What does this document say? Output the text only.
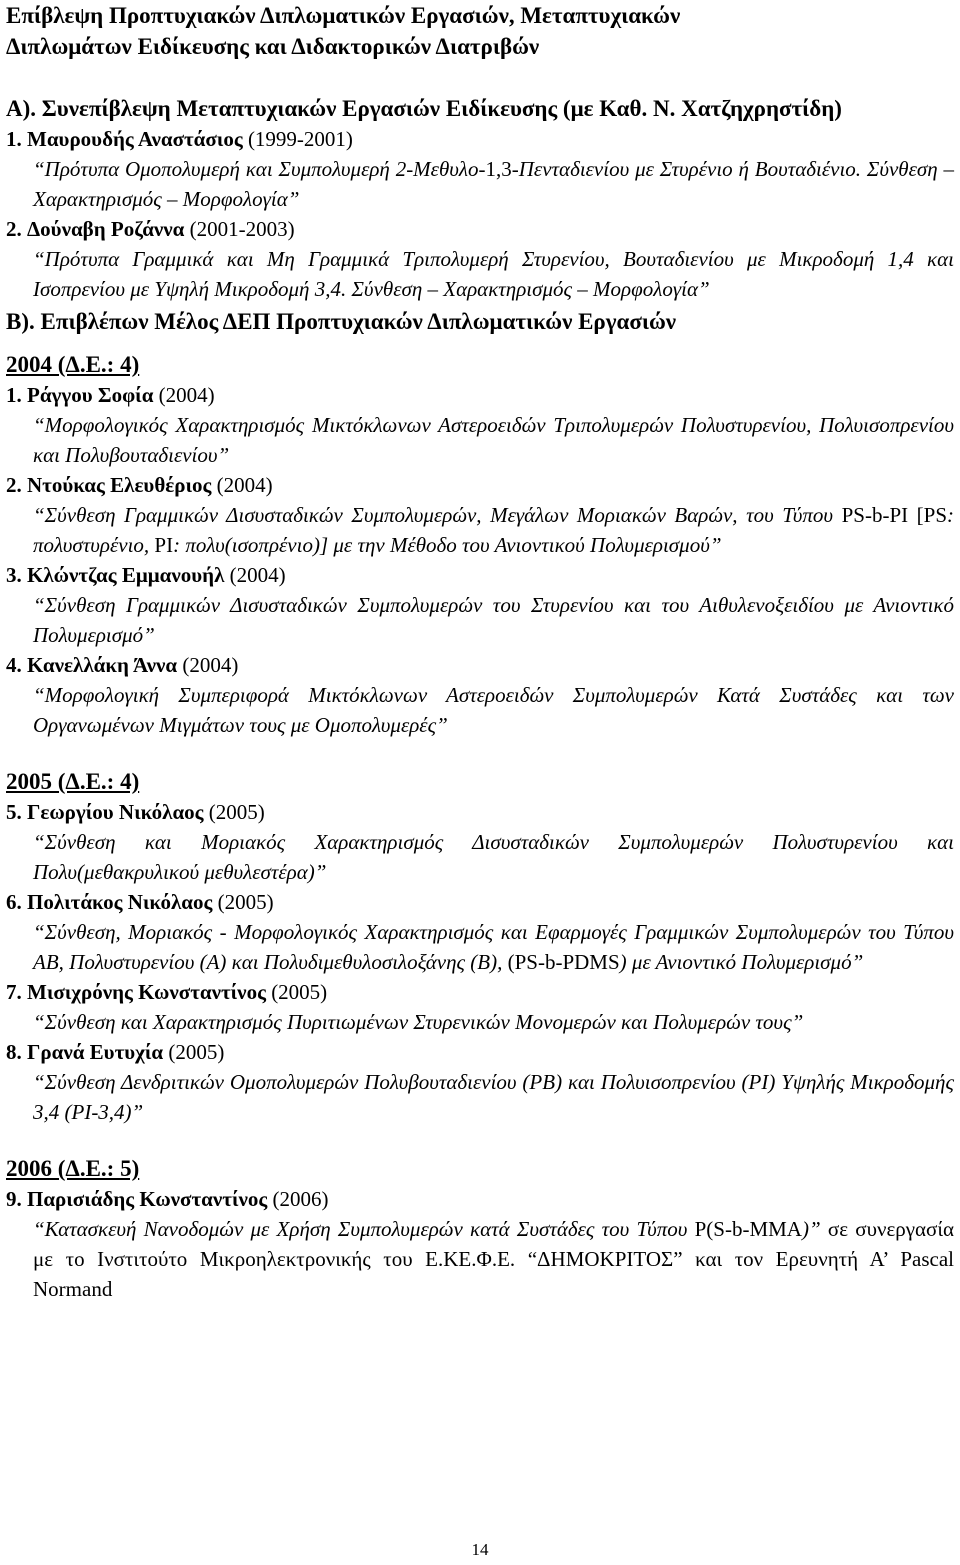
Επίβλεψη Προπτυχιακών Διπλωματικών Εργασιών, Μεταπτυχιακών
Διπλωμάτων Ειδίκευσης και Διδακτορικών Διατριβών
Α). Συνεπίβλεψη Μεταπτυχιακών Εργασιών Ειδίκευσης (με Καθ. Ν. Χατζηχρηστίδη)
1. Μαυρουδής Αναστάσιος (1999-2001)
“Πρότυπα Ομοπολυμερή και Συμπολυμερή 2-Μεθυλο-1,3-Πενταδιενίου με Στυρένιο ή Βουταδιένιο. Σύνθεση – Χαρακτηρισμός – Μορφολογία”
2. Δούναβη Ροζάννα (2001-2003)
“Πρότυπα Γραμμικά και Μη Γραμμικά Τριπολυμερή Στυρενίου, Βουταδιενίου με Μικροδομή 1,4 και Ισοπρενίου με Υψηλή Μικροδομή 3,4. Σύνθεση – Χαρακτηρισμός – Μορφολογία”
Β). Επιβλέπων Μέλος ΔΕΠ Προπτυχιακών Διπλωματικών Εργασιών
2004 (Δ.Ε.: 4)
1. Ράγγου Σοφία (2004)
“Μορφολογικός Χαρακτηρισμός Μικτόκλωνων Αστεροειδών Τριπολυμερών Πολυστυρενίου, Πολυισοπρενίου και Πολυβουταδιενίου”
2. Ντούκας Ελευθέριος (2004)
“Σύνθεση Γραμμικών Δισυσταδικών Συμπολυμερών, Μεγάλων Μοριακών Βαρών, του Τύπου PS-b-PI [PS: πολυστυρένιο, PI: πολυ(ισοπρένιο)] με την Μέθοδο του Ανιοντικού Πολυμερισμού”
3. Κλώντζας Εμμανουήλ (2004)
“Σύνθεση Γραμμικών Δισυσταδικών Συμπολυμερών του Στυρενίου και του Αιθυλενοξειδίου με Ανιοντικό Πολυμερισμό”
4. Κανελλάκη Άννα (2004)
“Μορφολογική Συμπεριφορά Μικτόκλωνων Αστεροειδών Συμπολυμερών Κατά Συστάδες και των Οργανωμένων Μιγμάτων τους με Ομοπολυμερές”
2005 (Δ.Ε.: 4)
5. Γεωργίου Νικόλαος (2005)
“Σύνθεση και Μοριακός Χαρακτηρισμός Δισυσταδικών Συμπολυμερών Πολυστυρενίου και Πολυ(μεθακρυλικού μεθυλεστέρα)”
6. Πολιτάκος Νικόλαος (2005)
“Σύνθεση, Μοριακός - Μορφολογικός Χαρακτηρισμός και Εφαρμογές Γραμμικών Συμπολυμερών του Τύπου ΑΒ, Πολυστυρενίου (Α) και Πολυδιμεθυλοσιλοξάνης (Β), (PS-b-PDMS) με Ανιοντικό Πολυμερισμό”
7. Μισιχρόνης Κωνσταντίνος (2005)
“Σύνθεση και Χαρακτηρισμός Πυριτιωμένων Στυρενικών Μονομερών και Πολυμερών τους”
8. Γρανά Ευτυχία (2005)
“Σύνθεση Δενδριτικών Ομοπολυμερών Πολυβουταδιενίου (PB) και Πολυισοπρενίου (PI) Υψηλής Μικροδομής 3,4 (PI-3,4)”
2006 (Δ.Ε.: 5)
9. Παρισιάδης Κωνσταντίνος (2006)
“Κατασκευή Νανοδομών με Χρήση Συμπολυμερών κατά Συστάδες του Τύπου P(S-b-MMA)” σε συνεργασία με το Ινστιτούτο Μικροηλεκτρονικής του Ε.ΚΕ.Φ.Ε. “ΔΗΜΟΚΡΙΤΟΣ” και τον Ερευνητή Α’ Pascal Normand
14
